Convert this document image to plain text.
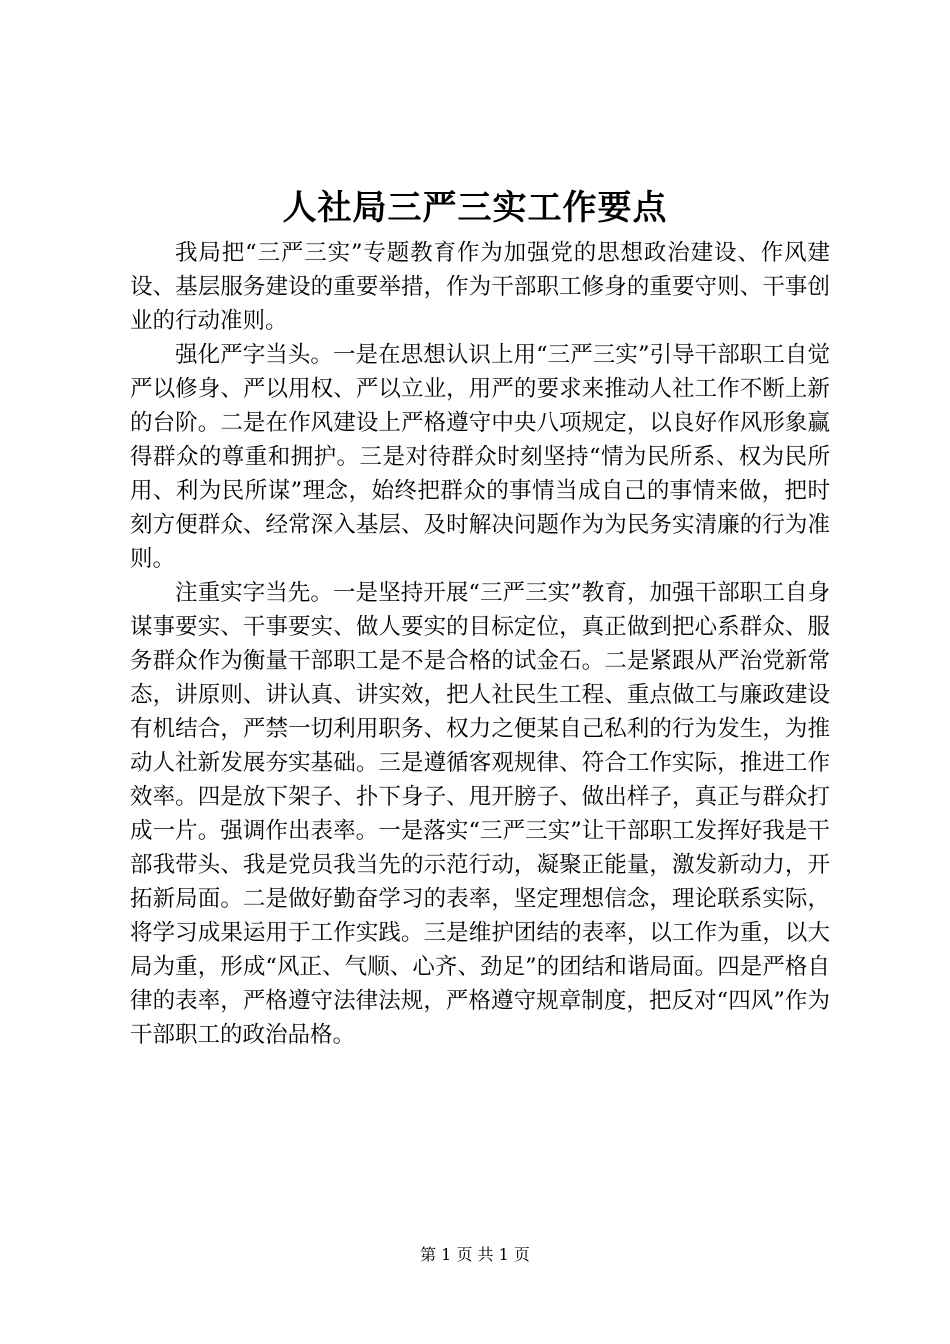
人社局三严三实工作要点

我局把“三严三实”专题教育作为加强党的思想政治建设、作风建设、基层服务建设的重要举措，作为干部职工修身的重要守则、干事创业的行动准则。

强化严字当头。一是在思想认识上用“三严三实”引导干部职工自觉严以修身、严以用权、严以立业，用严的要求来推动人社工作不断上新的台阶。二是在作风建设上严格遵守中央八项规定，以良好作风形象赢得群众的尊重和拥护。三是对待群众时刻坚持“情为民所系、权为民所用、利为民所谋”理念，始终把群众的事情当成自己的事情来做，把时刻方便群众、经常深入基层、及时解决问题作为为民务实清廉的行为准则。

注重实字当先。一是坚持开展“三严三实”教育，加强干部职工自身谋事要实、干事要实、做人要实的目标定位，真正做到把心系群众、服务群众作为衡量干部职工是不是合格的试金石。二是紧跟从严治党新常态，讲原则、讲认真、讲实效，把人社民生工程、重点做工与廉政建设有机结合，严禁一切利用职务、权力之便某自己私利的行为发生，为推动人社新发展夯实基础。三是遵循客观规律、符合工作实际，推进工作效率。四是放下架子、扑下身子、甩开膀子、做出样子，真正与群众打成一片。强调作出表率。一是落实“三严三实”让干部职工发挥好我是干部我带头、我是党员我当先的示范行动，凝聚正能量，激发新动力，开拓新局面。二是做好勤奋学习的表率，坚定理想信念，理论联系实际，将学习成果运用于工作实践。三是维护团结的表率，以工作为重，以大局为重，形成“风正、气顺、心齐、劲足”的团结和谐局面。四是严格自律的表率，严格遵守法律法规，严格遵守规章制度，把反对“四风”作为干部职工的政治品格。

第 1 页 共 1 页
